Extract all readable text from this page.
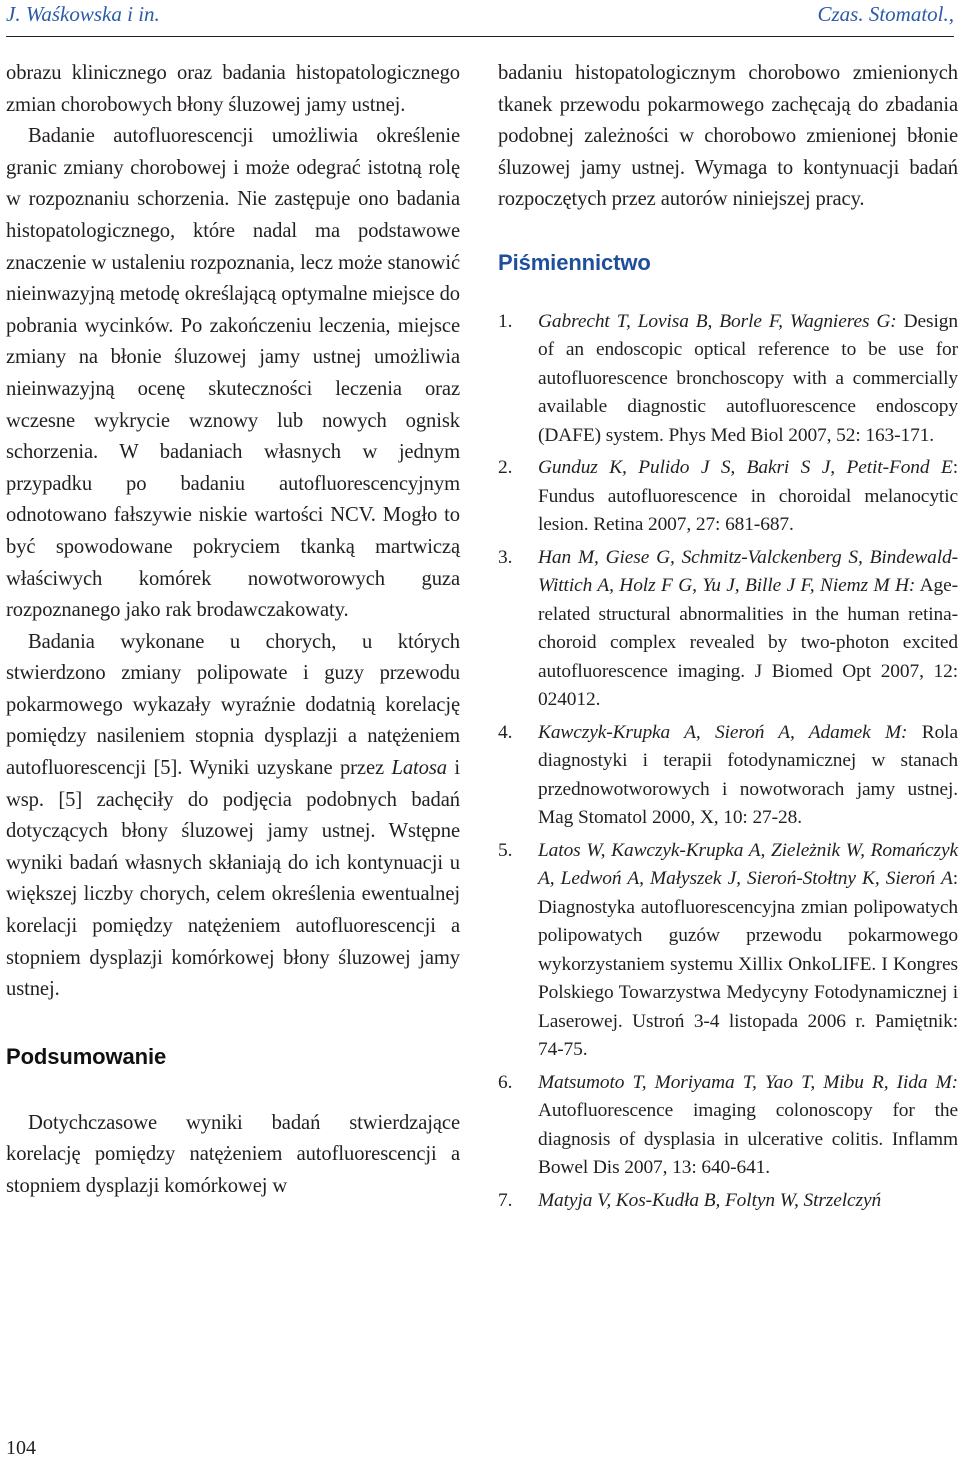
J. Waśkowska i in.	Czas. Stomatol.,

obrazu klinicznego oraz badania histopatologicznego zmian chorobowych błony śluzowej jamy ustnej.

Badanie autofluorescencji umożliwia określenie granic zmiany chorobowej i może odegrać istotną rolę w rozpoznaniu schorzenia. Nie zastępuje ono badania histopatologicznego, które nadal ma podstawowe znaczenie w ustaleniu rozpoznania, lecz może stanowić nieinwazyjną metodę określającą optymalne miejsce do pobrania wycinków. Po zakończeniu leczenia, miejsce zmiany na błonie śluzowej jamy ustnej umożliwia nieinwazyjną ocenę skuteczności leczenia oraz wczesne wykrycie wznowy lub nowych ognisk schorzenia. W badaniach własnych w jednym przypadku po badaniu autofluorescencyjnym odnotowano fałszywie niskie wartości NCV. Mogło to być spowodowane pokryciem tkanką martwiczą właściwych komórek nowotworowych guza rozpoznanego jako rak brodawczakowaty.

Badania wykonane u chorych, u których stwierdzono zmiany polipowate i guzy przewodu pokarmowego wykazały wyraźnie dodatnią korelację pomiędzy nasileniem stopnia dysplazji a natężeniem autofluorescencji [5]. Wyniki uzyskane przez Latosa i wsp. [5] zachęciły do podjęcia podobnych badań dotyczących błony śluzowej jamy ustnej. Wstępne wyniki badań własnych skłaniają do ich kontynuacji u większej liczby chorych, celem określenia ewentualnej korelacji pomiędzy natężeniem autofluorescencji a stopniem dysplazji komórkowej błony śluzowej jamy ustnej.

Podsumowanie

Dotychczasowe wyniki badań stwierdzające korelację pomiędzy natężeniem autofluorescencji a stopniem dysplazji komórkowej w

badaniu histopatologicznym chorobowo zmienionych tkanek przewodu pokarmowego zachęcają do zbadania podobnej zależności w chorobowo zmienionej błonie śluzowej jamy ustnej. Wymaga to kontynuacji badań rozpoczętych przez autorów niniejszej pracy.

Piśmiennictwo
1. Gabrecht T, Lovisa B, Borle F, Wagnieres G: Design of an endoscopic optical reference to be use for autofluorescence bronchoscopy with a commercially available diagnostic autofluorescence endoscopy (DAFE) system. Phys Med Biol 2007, 52: 163-171.
2. Gunduz K, Pulido J S, Bakri S J, Petit-Fond E: Fundus autofluorescence in choroidal melanocytic lesion. Retina 2007, 27: 681-687.
3. Han M, Giese G, Schmitz-Valckenberg S, Bindewald-Wittich A, Holz F G, Yu J, Bille J F, Niemz M H: Age-related structural abnormalities in the human retina-choroid complex revealed by two-photon excited autofluorescence imaging. J Biomed Opt 2007, 12: 024012.
4. Kawczyk-Krupka A, Sieroń A, Adamek M: Rola diagnostyki i terapii fotodynamicznej w stanach przednowotworowych i nowotworach jamy ustnej. Mag Stomatol 2000, X, 10: 27-28.
5. Latos W, Kawczyk-Krupka A, Zieleżnik W, Romańczyk A, Ledwoń A, Małyszek J, Sieroń-Stołtny K, Sieroń A: Diagnostyka autofluorescencyjna zmian polipowatych polipowatych guzów przewodu pokarmowego wykorzystaniem systemu Xillix OnkoLIFE. I Kongres Polskiego Towarzystwa Medycyny Fotodynamicznej i Laserowej. Ustroń 3-4 listopada 2006 r. Pamiętnik: 74-75.
6. Matsumoto T, Moriyama T, Yao T, Mibu R, Iida M: Autofluorescence imaging colonoscopy for the diagnosis of dysplasia in ulcerative colitis. Inflamm Bowel Dis 2007, 13: 640-641.
7. Matyja V, Kos-Kudła B, Foltyn W, Strzelczyń
104
